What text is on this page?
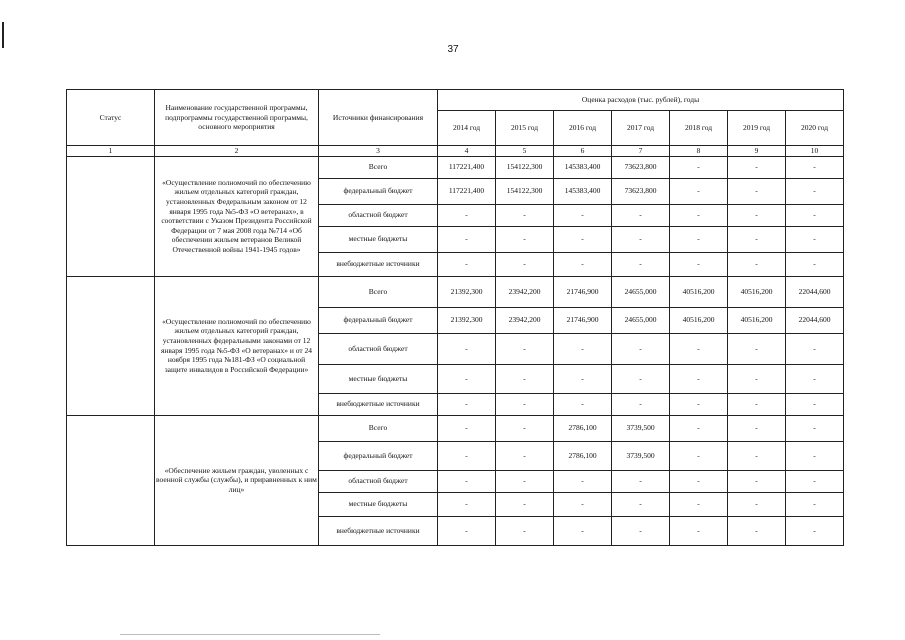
37
Статус	Наименование государственной программы, подпрограммы государственной программы, основного мероприятия	Источники финансирования	Оценка расходов (тыс. рублей), годы						
			2014 год	2015 год	2016 год	2017 год	2018 год	2019 год	2020 год
1	2	3	4	5	6	7	8	9	10
	«Осуществление полномочий по обеспечению жильем отдельных категорий граждан, установленных Федеральным законом от 12 января 1995 года №5-ФЗ «О ветеранах», в соответствии с Указом Президента Российской Федерации от 7 мая 2008 года №714 «Об обеспечении жильем ветеранов Великой Отечественной войны 1941-1945 годов»	Всего	117221,400	154122,300	145383,400	73623,800	-	-	-
		федеральный бюджет	117221,400	154122,300	145383,400	73623,800	-	-	-
		областной бюджет	-	-	-	-	-	-	-
		местные бюджеты	-	-	-	-	-	-	-
		внебюджетные источники	-	-	-	-	-	-	-
	«Осуществление полномочий по обеспечению жильем отдельных категорий граждан, установленных федеральными законами от 12 января 1995 года №5-ФЗ «О ветеранах» и от 24 ноября 1995 года №181-ФЗ «О социальной защите инвалидов в Российской Федерации»	Всего	21392,300	23942,200	21746,900	24655,000	40516,200	40516,200	22044,600
		федеральный бюджет	21392,300	23942,200	21746,900	24655,000	40516,200	40516,200	22044,600
		областной бюджет	-	-	-	-	-	-	-
		местные бюджеты	-	-	-	-	-	-	-
		внебюджетные источники	-	-	-	-	-	-	-
	«Обеспечение жильем граждан, уволенных с военной службы (службы), и приравненных к ним лиц»	Всего	-	-	2786,100	3739,500	-	-	-
		федеральный бюджет	-	-	2786,100	3739,500	-	-	-
		областной бюджет	-	-	-	-	-	-	-
		местные бюджеты	-	-	-	-	-	-	-
		внебюджетные источники	-	-	-	-	-	-	-
